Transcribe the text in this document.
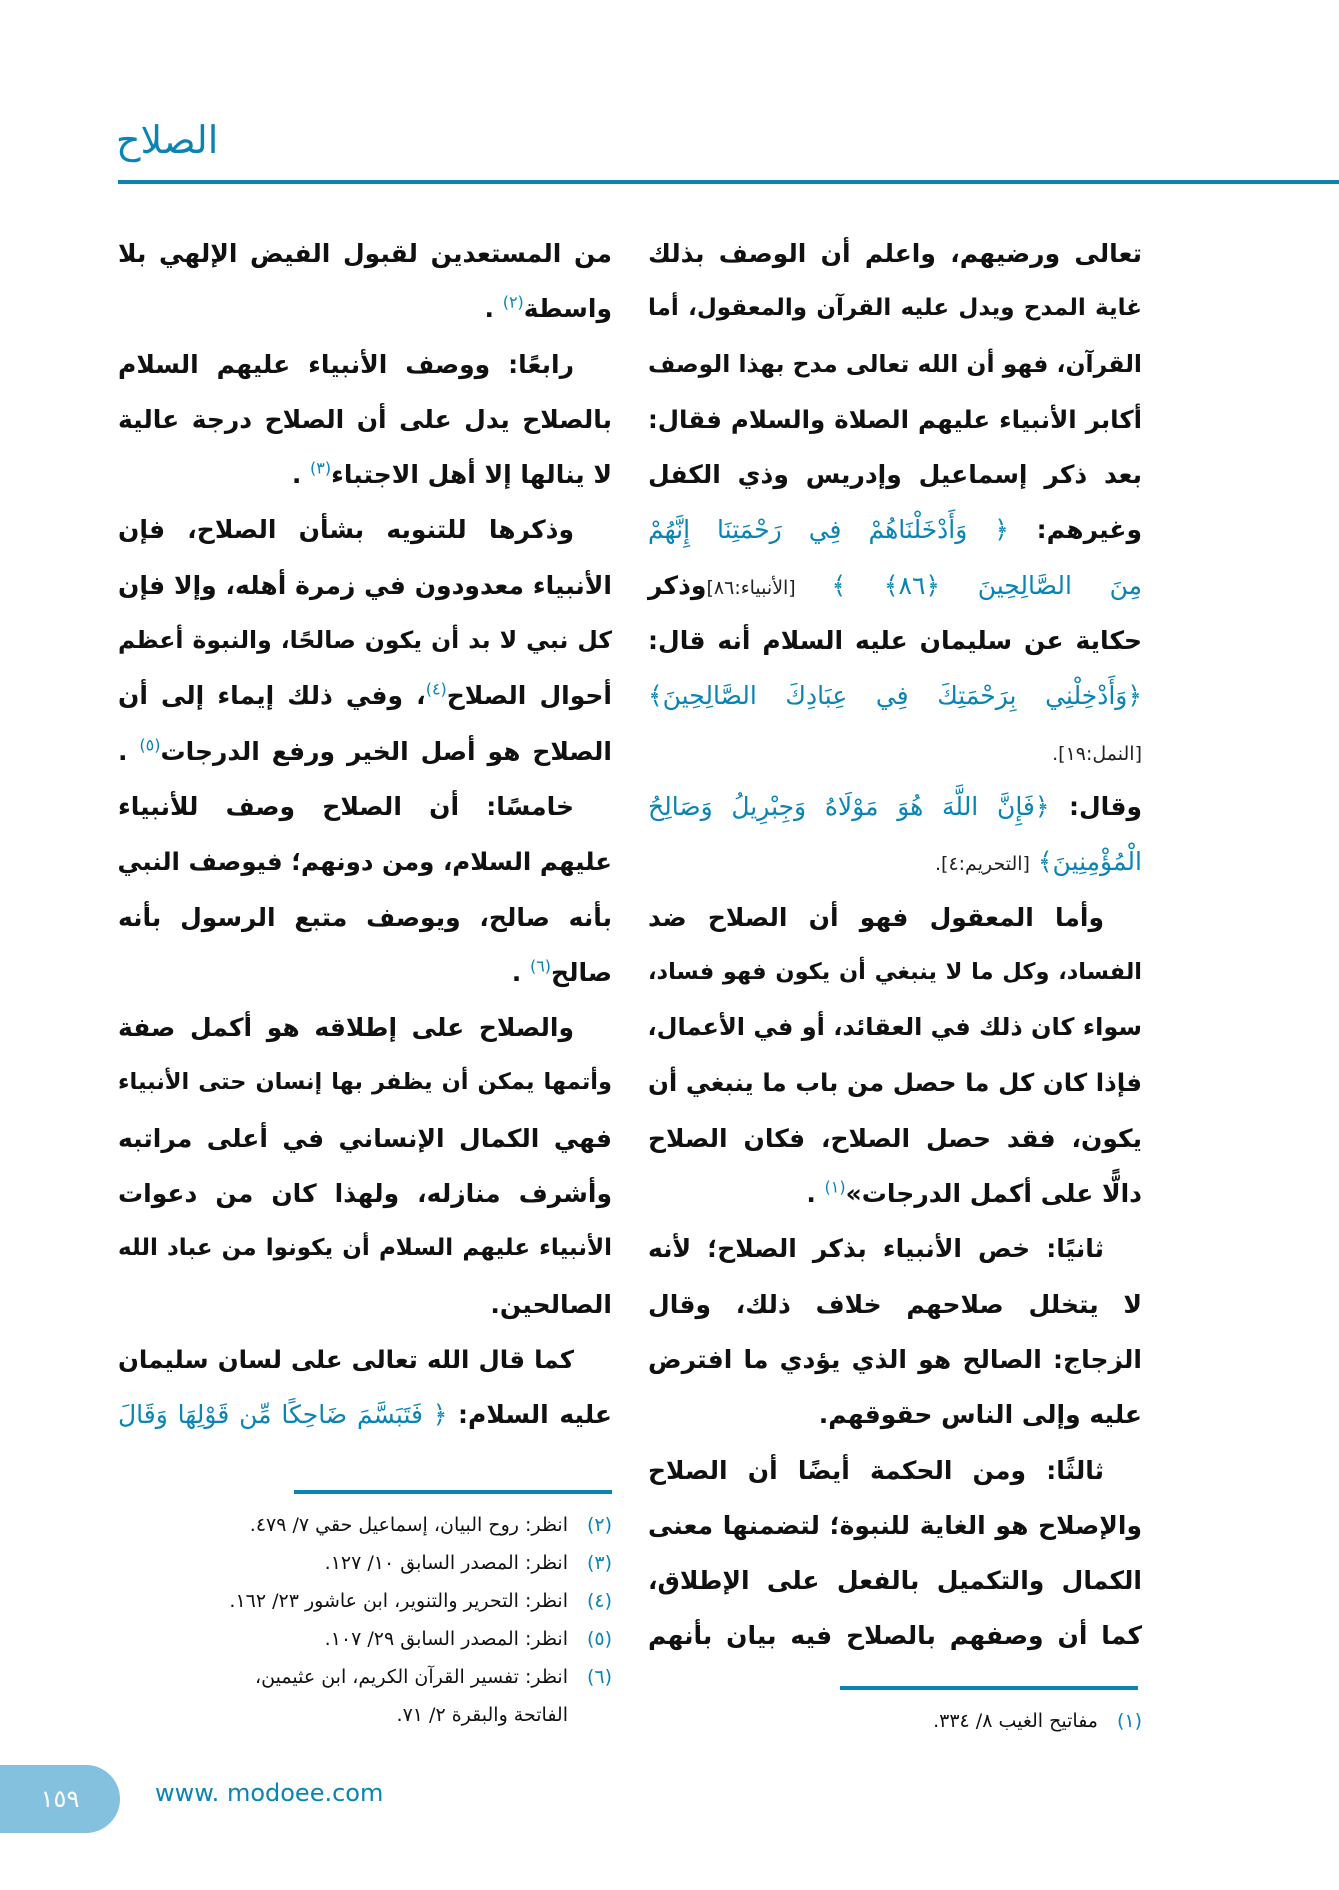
الصلاح
تعالى ورضيهم، واعلم أن الوصف بذلك
غاية المدح ويدل عليه القرآن والمعقول، أما
القرآن، فهو أن الله تعالى مدح بهذا الوصف
أكابر الأنبياء عليهم الصلاة والسلام فقال:
بعد ذكر إسماعيل وإدريس وذي الكفل
وغيرهم: ﴿ وَأَدْخَلْنَاهُمْ فِي رَحْمَتِنَا إِنَّهُمْ
مِنَ الصَّالِحِينَ ﴿٨٦﴾ ﴾ [الأنبياء:٨٦]وذكر
حكاية عن سليمان عليه السلام أنه قال:
﴿وَأَدْخِلْنِي بِرَحْمَتِكَ فِي عِبَادِكَ الصَّالِحِينَ﴾
[النمل:١٩].
وقال: ﴿فَإِنَّ اللَّهَ هُوَ مَوْلَاهُ وَجِبْرِيلُ وَصَالِحُ
الْمُؤْمِنِينَ﴾ [التحريم:٤].
وأما المعقول فهو أن الصلاح ضد
الفساد، وكل ما لا ينبغي أن يكون فهو فساد،
سواء كان ذلك في العقائد، أو في الأعمال،
فإذا كان كل ما حصل من باب ما ينبغي أن
يكون، فقد حصل الصلاح، فكان الصلاح
دالًّا على أكمل الدرجات»$^{(١)}$ .
ثانيًا: خص الأنبياء بذكر الصلاح؛ لأنه
لا يتخلل صلاحهم خلاف ذلك، وقال
الزجاج: الصالح هو الذي يؤدي ما افترض
عليه وإلى الناس حقوقهم.
ثالثًا: ومن الحكمة أيضًا أن الصلاح
والإصلاح هو الغاية للنبوة؛ لتضمنها معنى
الكمال والتكميل بالفعل على الإطلاق،
كما أن وصفهم بالصلاح فيه بيان بأنهم
من المستعدين لقبول الفيض الإلهي بلا
واسطة$^{(٢)}$ .
رابعًا: ووصف الأنبياء عليهم السلام
بالصلاح يدل على أن الصلاح درجة عالية
لا ينالها إلا أهل الاجتباء$^{(٣)}$ .
وذكرها للتنويه بشأن الصلاح، فإن
الأنبياء معدودون في زمرة أهله، وإلا فإن
كل نبي لا بد أن يكون صالحًا، والنبوة أعظم
أحوال الصلاح$^{(٤)}$، وفي ذلك إيماء إلى أن
الصلاح هو أصل الخير ورفع الدرجات$^{(٥)}$ .
خامسًا: أن الصلاح وصف للأنبياء
عليهم السلام، ومن دونهم؛ فيوصف النبي
بأنه صالح، ويوصف متبع الرسول بأنه
صالح$^{(٦)}$ .
والصلاح على إطلاقه هو أكمل صفة
وأتمها يمكن أن يظفر بها إنسان حتى الأنبياء
فهي الكمال الإنساني في أعلى مراتبه
وأشرف منازله، ولهذا كان من دعوات
الأنبياء عليهم السلام أن يكونوا من عباد الله
الصالحين.
كما قال الله تعالى على لسان سليمان
عليه السلام: ﴿ فَتَبَسَّمَ ضَاحِكًا مِّن قَوْلِهَا وَقَالَ
(١)مفاتيح الغيب ٨/ ٣٣٤.
(٢)انظر: روح البيان، إسماعيل حقي ٧/ ٤٧٩.
(٣)انظر: المصدر السابق ١٠/ ١٢٧.
(٤)انظر: التحرير والتنوير، ابن عاشور ٢٣/ ١٦٢.
(٥)انظر: المصدر السابق ٢٩/ ١٠٧.
(٦)انظر: تفسير القرآن الكريم، ابن عثيمين،
الفاتحة والبقرة ٢/ ٧١.
١٥٩	www. modoee.com
